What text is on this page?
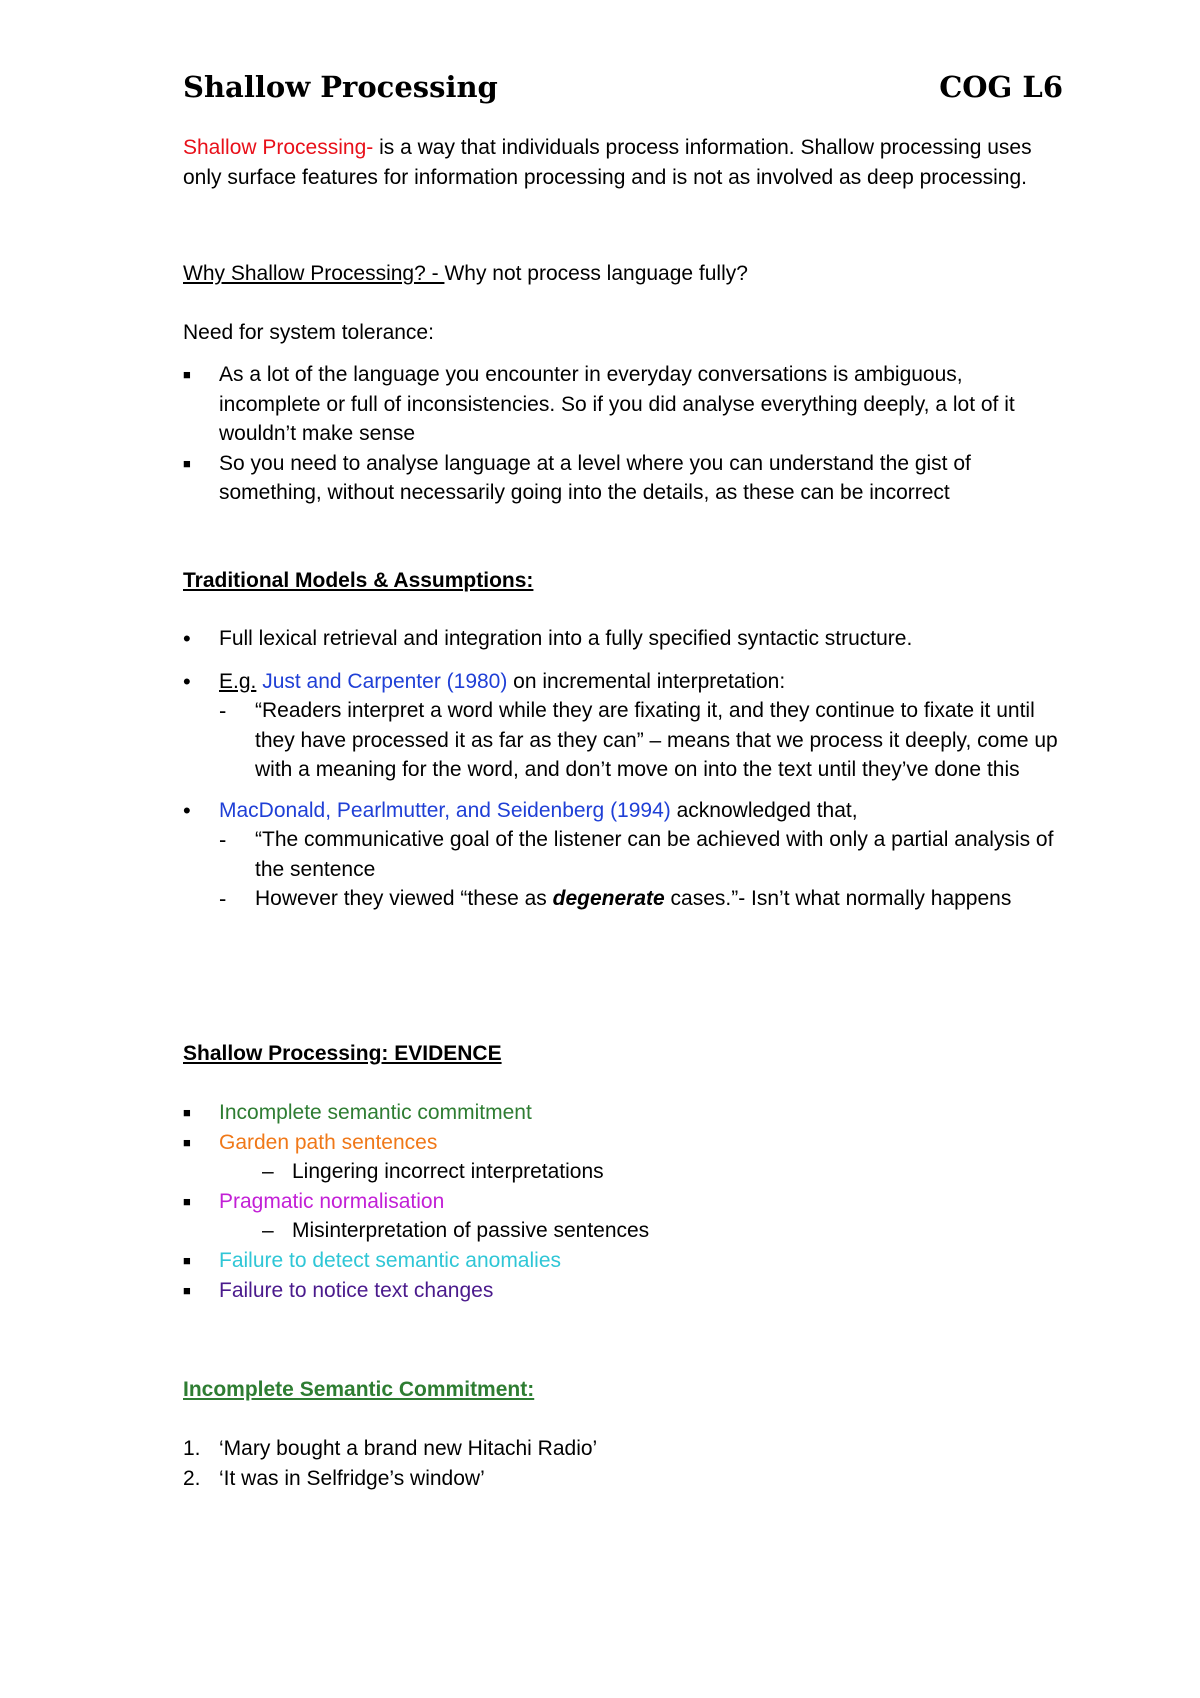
Shallow Processing	COG L6
Shallow Processing- is a way that individuals process information. Shallow processing uses only surface features for information processing and is not as involved as deep processing.
Why Shallow Processing? - Why not process language fully?
Need for system tolerance:
■ As a lot of the language you encounter in everyday conversations is ambiguous, incomplete or full of inconsistencies. So if you did analyse everything deeply, a lot of it wouldn’t make sense
■ So you need to analyse language at a level where you can understand the gist of something, without necessarily going into the details, as these can be incorrect
Traditional Models & Assumptions:
• Full lexical retrieval and integration into a fully specified syntactic structure.
• E.g. Just and Carpenter (1980) on incremental interpretation:
- “Readers interpret a word while they are fixating it, and they continue to fixate it until they have processed it as far as they can” – means that we process it deeply, come up with a meaning for the word, and don’t move on into the text until they’ve done this
• MacDonald, Pearlmutter, and Seidenberg (1994) acknowledged that,
- “The communicative goal of the listener can be achieved with only a partial analysis of the sentence
- However they viewed “these as degenerate cases.”- Isn’t what normally happens
Shallow Processing: EVIDENCE
■ Incomplete semantic commitment
■ Garden path sentences
– Lingering incorrect interpretations
■ Pragmatic normalisation
– Misinterpretation of passive sentences
■ Failure to detect semantic anomalies
■ Failure to notice text changes
Incomplete Semantic Commitment:
1. ‘Mary bought a brand new Hitachi Radio’
2. ‘It was in Selfridge’s window’
